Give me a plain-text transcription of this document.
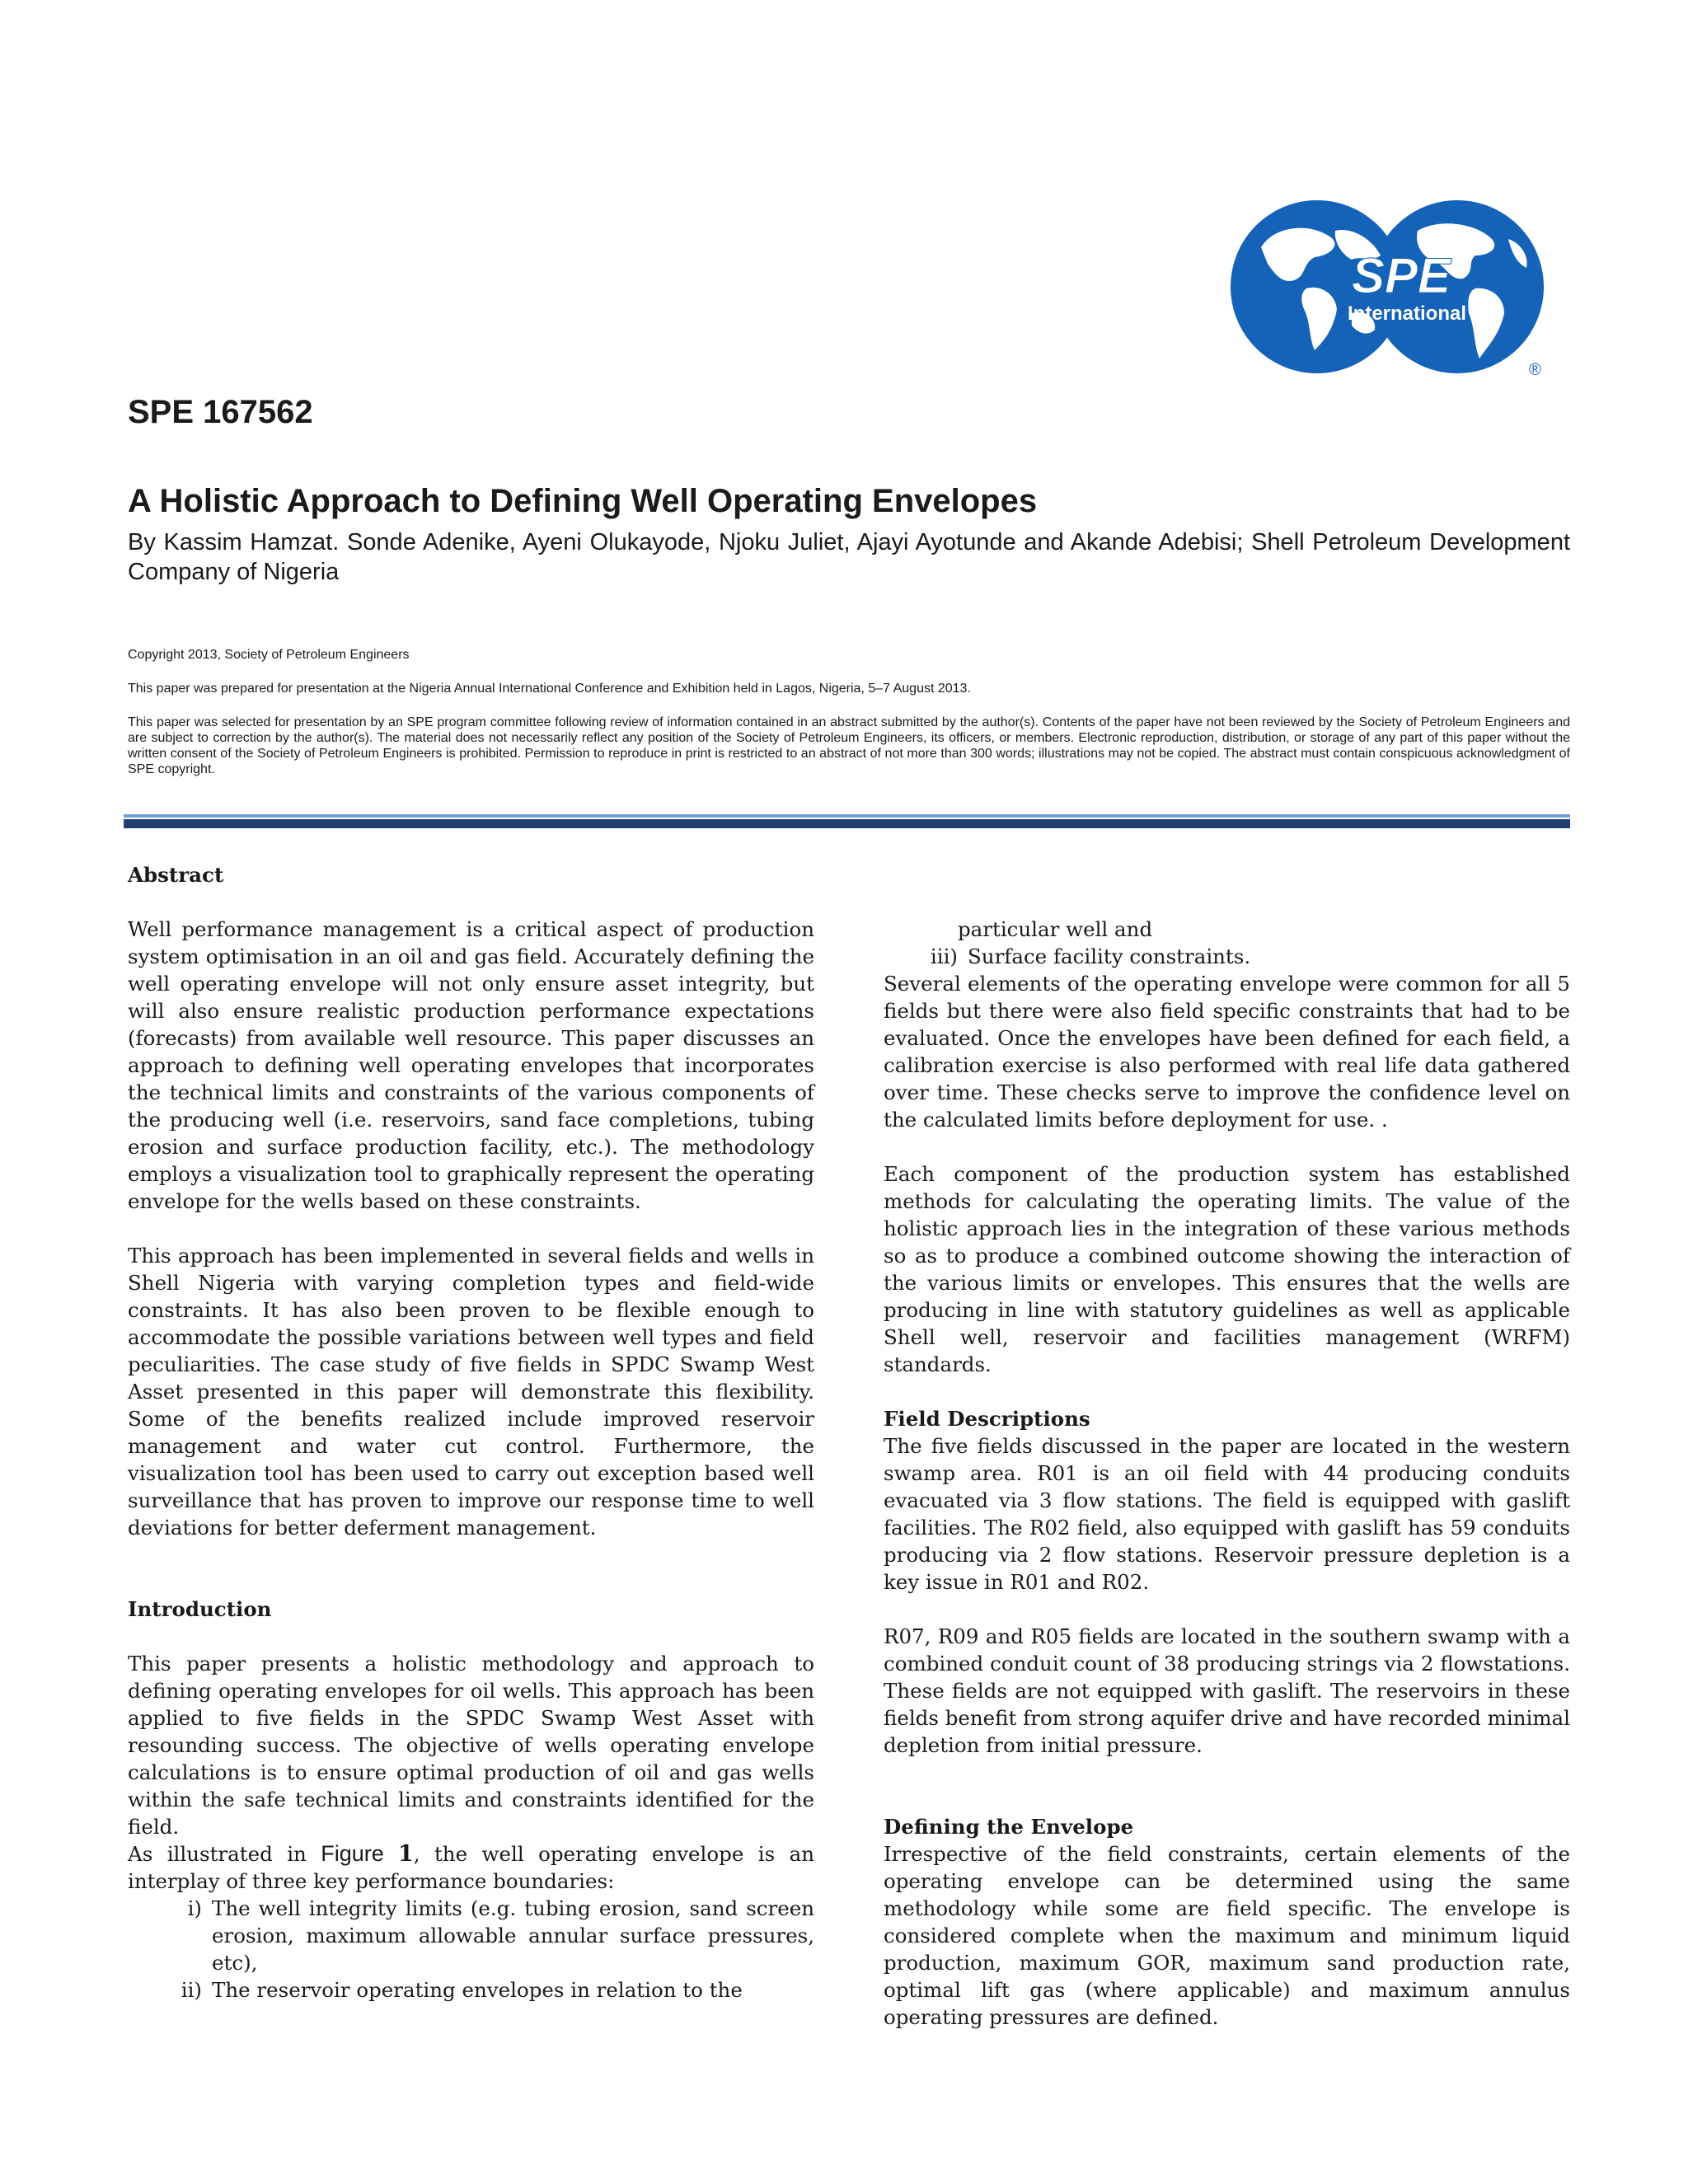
SPE
International
®
SPE 167562
A Holistic Approach to Defining Well Operating Envelopes

By Kassim Hamzat. Sonde Adenike, Ayeni Olukayode, Njoku Juliet, Ajayi Ayotunde and Akande Adebisi; Shell Petroleum Development Company of Nigeria

Copyright 2013, Society of Petroleum Engineers

This paper was prepared for presentation at the Nigeria Annual International Conference and Exhibition held in Lagos, Nigeria, 5–7 August 2013.

This paper was selected for presentation by an SPE program committee following review of information contained in an abstract submitted by the author(s). Contents of the paper have not been reviewed by the Society of Petroleum Engineers and are subject to correction by the author(s). The material does not necessarily reflect any position of the Society of Petroleum Engineers, its officers, or members. Electronic reproduction, distribution, or storage of any part of this paper without the written consent of the Society of Petroleum Engineers is prohibited. Permission to reproduce in print is restricted to an abstract of not more than 300 words; illustrations may not be copied. The abstract must contain conspicuous acknowledgment of SPE copyright.

Abstract

Well performance management is a critical aspect of production system optimisation in an oil and gas field. Accurately defining the well operating envelope will not only ensure asset integrity, but will also ensure realistic production performance expectations (forecasts) from available well resource. This paper discusses an approach to defining well operating envelopes that incorporates the technical limits and constraints of the various components of the producing well (i.e. reservoirs, sand face completions, tubing erosion and surface production facility, etc.). The methodology employs a visualization tool to graphically represent the operating envelope for the wells based on these constraints.

This approach has been implemented in several fields and wells in Shell Nigeria with varying completion types and field-wide constraints. It has also been proven to be flexible enough to accommodate the possible variations between well types and field peculiarities. The case study of five fields in SPDC Swamp West Asset presented in this paper will demonstrate this flexibility. Some of the benefits realized include improved reservoir management and water cut control. Furthermore, the visualization tool has been used to carry out exception based well surveillance that has proven to improve our response time to well deviations for better deferment management.

Introduction

This paper presents a holistic methodology and approach to defining operating envelopes for oil wells. This approach has been applied to five fields in the SPDC Swamp West Asset with resounding success. The objective of wells operating envelope calculations is to ensure optimal production of oil and gas wells within the safe technical limits and constraints identified for the field.

As illustrated in Figure 1, the well operating envelope is an interplay of three key performance boundaries:

i) The well integrity limits (e.g. tubing erosion, sand screen erosion, maximum allowable annular surface pressures, etc),
ii) The reservoir operating envelopes in relation to the
particular well and
iii) Surface facility constraints.

Several elements of the operating envelope were common for all 5 fields but there were also field specific constraints that had to be evaluated. Once the envelopes have been defined for each field, a calibration exercise is also performed with real life data gathered over time. These checks serve to improve the confidence level on the calculated limits before deployment for use. .

Each component of the production system has established methods for calculating the operating limits. The value of the holistic approach lies in the integration of these various methods so as to produce a combined outcome showing the interaction of the various limits or envelopes. This ensures that the wells are producing in line with statutory guidelines as well as applicable Shell well, reservoir and facilities management (WRFM) standards.

Field Descriptions

The five fields discussed in the paper are located in the western swamp area. R01 is an oil field with 44 producing conduits evacuated via 3 flow stations. The field is equipped with gaslift facilities. The R02 field, also equipped with gaslift has 59 conduits producing via 2 flow stations. Reservoir pressure depletion is a key issue in R01 and R02.

R07, R09 and R05 fields are located in the southern swamp with a combined conduit count of 38 producing strings via 2 flowstations. These fields are not equipped with gaslift. The reservoirs in these fields benefit from strong aquifer drive and have recorded minimal depletion from initial pressure.

Defining the Envelope

Irrespective of the field constraints, certain elements of the operating envelope can be determined using the same methodology while some are field specific. The envelope is considered complete when the maximum and minimum liquid production, maximum GOR, maximum sand production rate, optimal lift gas (where applicable) and maximum annulus operating pressures are defined.
